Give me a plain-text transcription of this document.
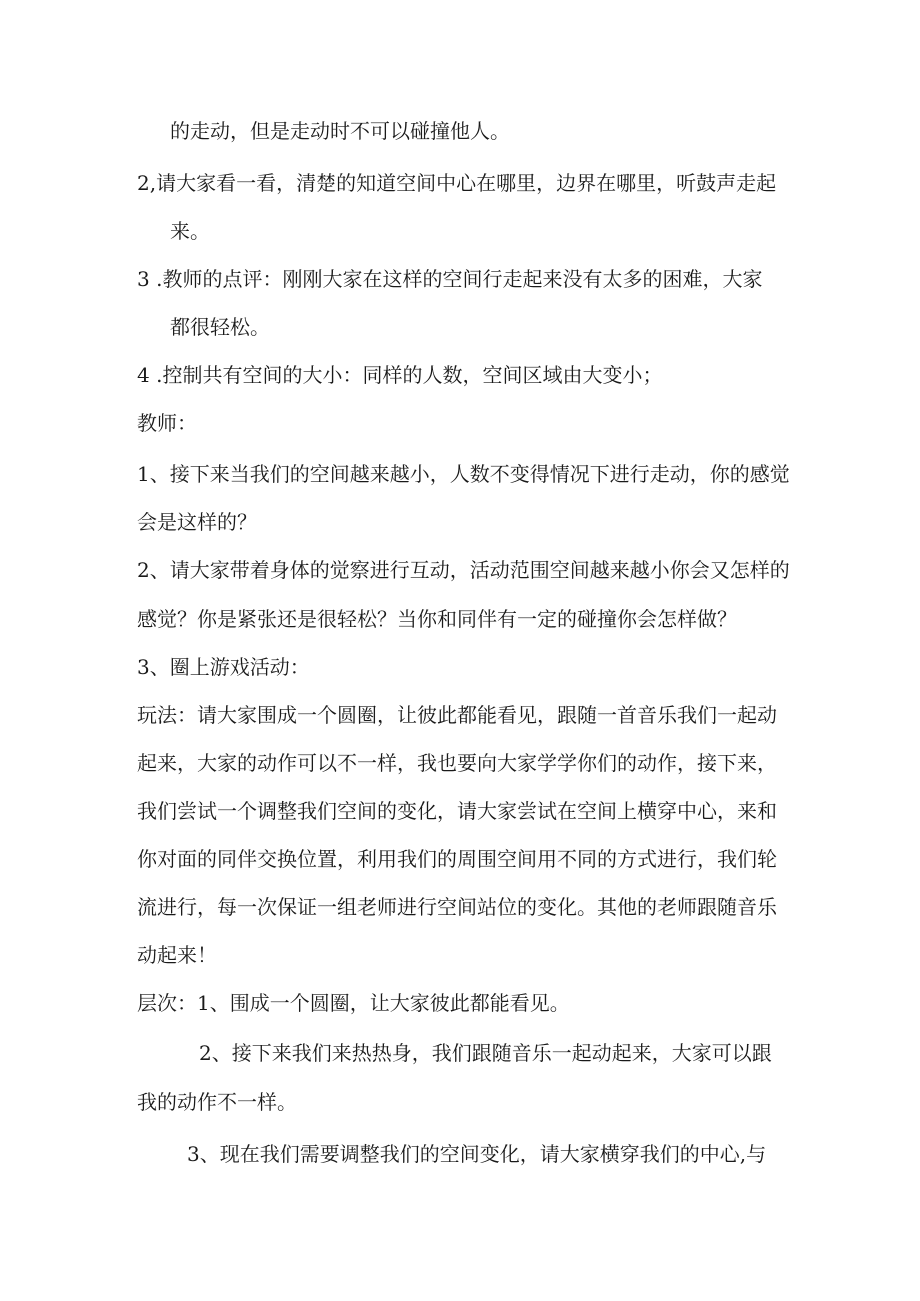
的走动，但是走动时不可以碰撞他人。
2,请大家看一看，清楚的知道空间中心在哪里，边界在哪里，听鼓声走起
来。
3 .教师的点评：刚刚大家在这样的空间行走起来没有太多的困难，大家
都很轻松。
4 .控制共有空间的大小：同样的人数，空间区域由大变小；
教师：
1、接下来当我们的空间越来越小，人数不变得情况下进行走动，你的感觉
会是这样的？
2、请大家带着身体的觉察进行互动，活动范围空间越来越小你会又怎样的
感觉？你是紧张还是很轻松？当你和同伴有一定的碰撞你会怎样做？
3、圈上游戏活动：
玩法：请大家围成一个圆圈，让彼此都能看见，跟随一首音乐我们一起动
起来，大家的动作可以不一样，我也要向大家学学你们的动作，接下来，
我们尝试一个调整我们空间的变化，请大家尝试在空间上横穿中心，来和
你对面的同伴交换位置，利用我们的周围空间用不同的方式进行，我们轮
流进行，每一次保证一组老师进行空间站位的变化。其他的老师跟随音乐
动起来！
层次：1、围成一个圆圈，让大家彼此都能看见。
2、接下来我们来热热身，我们跟随音乐一起动起来，大家可以跟
我的动作不一样。
3、现在我们需要调整我们的空间变化，请大家横穿我们的中心,与
